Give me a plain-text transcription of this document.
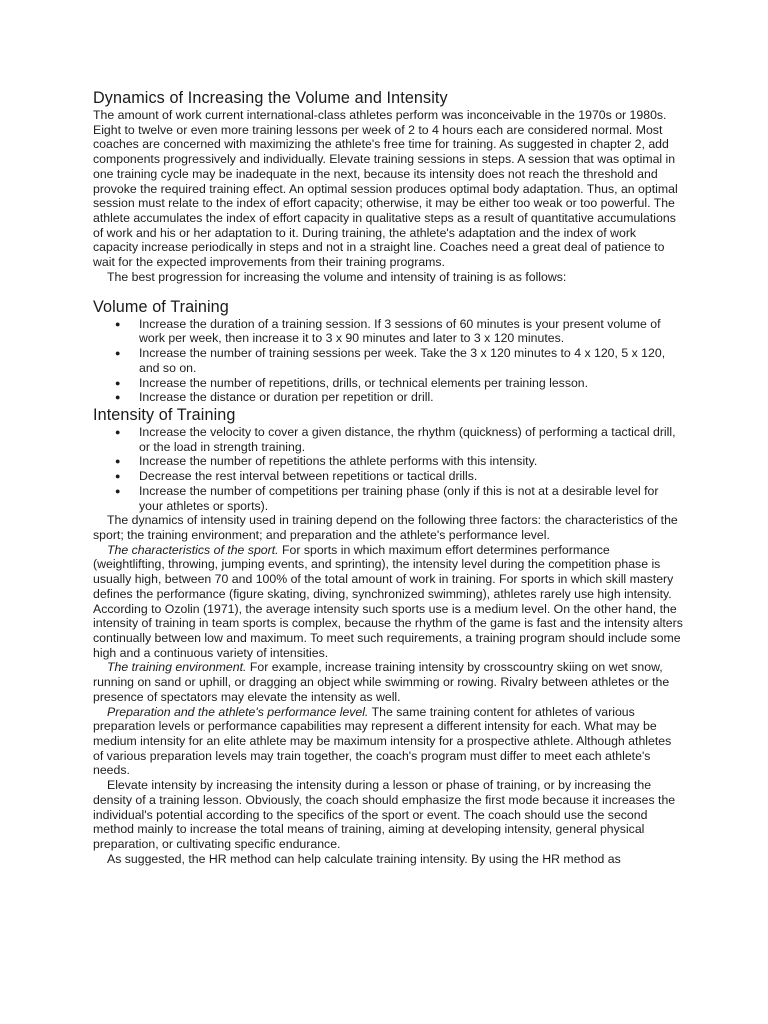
Dynamics of Increasing the Volume and Intensity

The amount of work current international-class athletes perform was inconceivable in the 1970s or 1980s. Eight to twelve or even more training lessons per week of 2 to 4 hours each are considered normal. Most coaches are concerned with maximizing the athlete's free time for training. As suggested in chapter 2, add components progressively and individually. Elevate training sessions in steps. A session that was optimal in one training cycle may be inadequate in the next, because its intensity does not reach the threshold and provoke the required training effect. An optimal session produces optimal body adaptation. Thus, an optimal session must relate to the index of effort capacity; otherwise, it may be either too weak or too powerful. The athlete accumulates the index of effort capacity in qualitative steps as a result of quantitative accumulations of work and his or her adaptation to it. During training, the athlete's adaptation and the index of work capacity increase periodically in steps and not in a straight line. Coaches need a great deal of patience to wait for the expected improvements from their training programs.

The best progression for increasing the volume and intensity of training is as follows:

Volume of Training
● Increase the duration of a training session. If 3 sessions of 60 minutes is your present volume of work per week, then increase it to 3 x 90 minutes and later to 3 x 120 minutes.
● Increase the number of training sessions per week. Take the 3 x 120 minutes to 4 x 120, 5 x 120, and so on.
● Increase the number of repetitions, drills, or technical elements per training lesson.
● Increase the distance or duration per repetition or drill.
Intensity of Training
● Increase the velocity to cover a given distance, the rhythm (quickness) of performing a tactical drill, or the load in strength training.
● Increase the number of repetitions the athlete performs with this intensity.
● Decrease the rest interval between repetitions or tactical drills.
● Increase the number of competitions per training phase (only if this is not at a desirable level for your athletes or sports).

The dynamics of intensity used in training depend on the following three factors: the characteristics of the sport; the training environment; and preparation and the athlete's performance level.

The characteristics of the sport. For sports in which maximum effort determines performance (weightlifting, throwing, jumping events, and sprinting), the intensity level during the competition phase is usually high, between 70 and 100% of the total amount of work in training. For sports in which skill mastery defines the performance (figure skating, diving, synchronized swimming), athletes rarely use high intensity. According to Ozolin (1971), the average intensity such sports use is a medium level. On the other hand, the intensity of training in team sports is complex, because the rhythm of the game is fast and the intensity alters continually between low and maximum. To meet such requirements, a training program should include some high and a continuous variety of intensities.

The training environment. For example, increase training intensity by crosscountry skiing on wet snow, running on sand or uphill, or dragging an object while swimming or rowing. Rivalry between athletes or the presence of spectators may elevate the intensity as well.

Preparation and the athlete's performance level. The same training content for athletes of various preparation levels or performance capabilities may represent a different intensity for each. What may be medium intensity for an elite athlete may be maximum intensity for a prospective athlete. Although athletes of various preparation levels may train together, the coach's program must differ to meet each athlete's needs.

Elevate intensity by increasing the intensity during a lesson or phase of training, or by increasing the density of a training lesson. Obviously, the coach should emphasize the first mode because it increases the individual's potential according to the specifics of the sport or event. The coach should use the second method mainly to increase the total means of training, aiming at developing intensity, general physical preparation, or cultivating specific endurance.

As suggested, the HR method can help calculate training intensity. By using the HR method as
